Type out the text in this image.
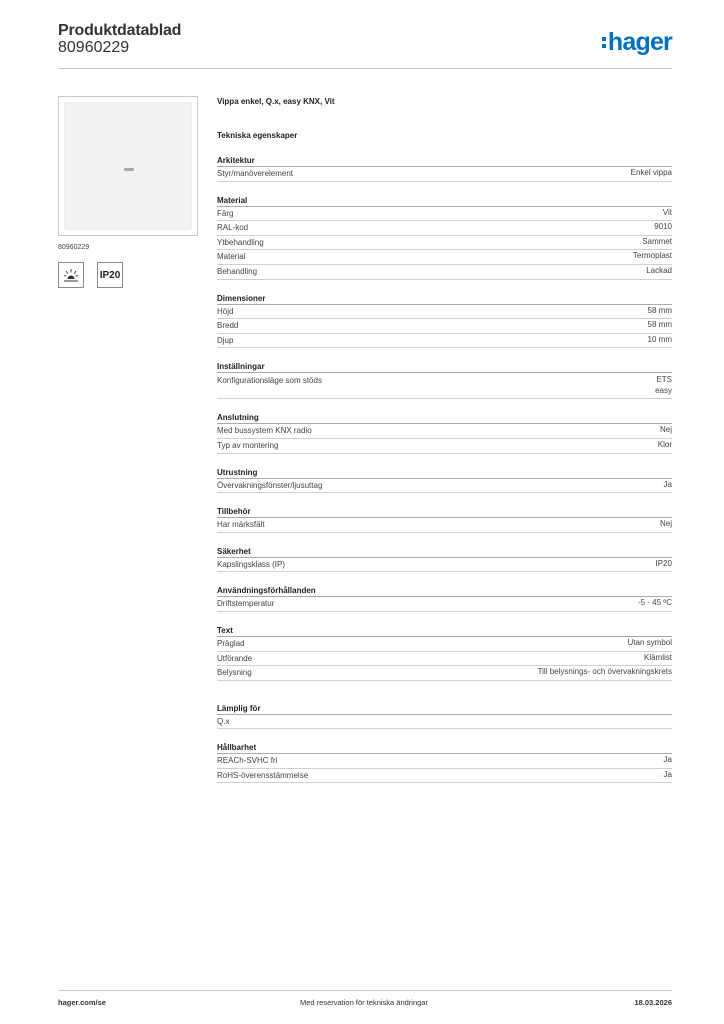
Produktdatablad
80960229	hager
80960229
IP20
Vippa enkel, Q.x, easy KNX, Vit
Tekniska egenskaper
Arkitektur
Styr/manöverelement	Enkel vippa
Material
Färg	Vit
RAL-kod	9010
Ytbehandling	Sammet
Material	Termoplast
Behandling	Lackad
Dimensioner
Höjd	58 mm
Bredd	58 mm
Djup	10 mm
Inställningar
Konfigurationsläge som stöds	ETS
easy
Anslutning
Med bussystem KNX radio	Nej
Typ av montering	Klor
Utrustning
Övervakningsfönster/ljusuttag	Ja
Tillbehör
Har märksfält	Nej
Säkerhet
Kapslingsklass (IP)	IP20
Användningsförhållanden
Driftstemperatur	-5 - 45 ºC
Text
Präglad	Utan symbol
Utförande	Klämlist
Belysning	Till belysnings- och övervakningskrets
Lämplig för
Q.x
Hållbarhet
REACh-SVHC fri	Ja
RoHS-överensstämmelse	Ja
hager.com/se	Med reservation för tekniska ändringar	18.03.2026
